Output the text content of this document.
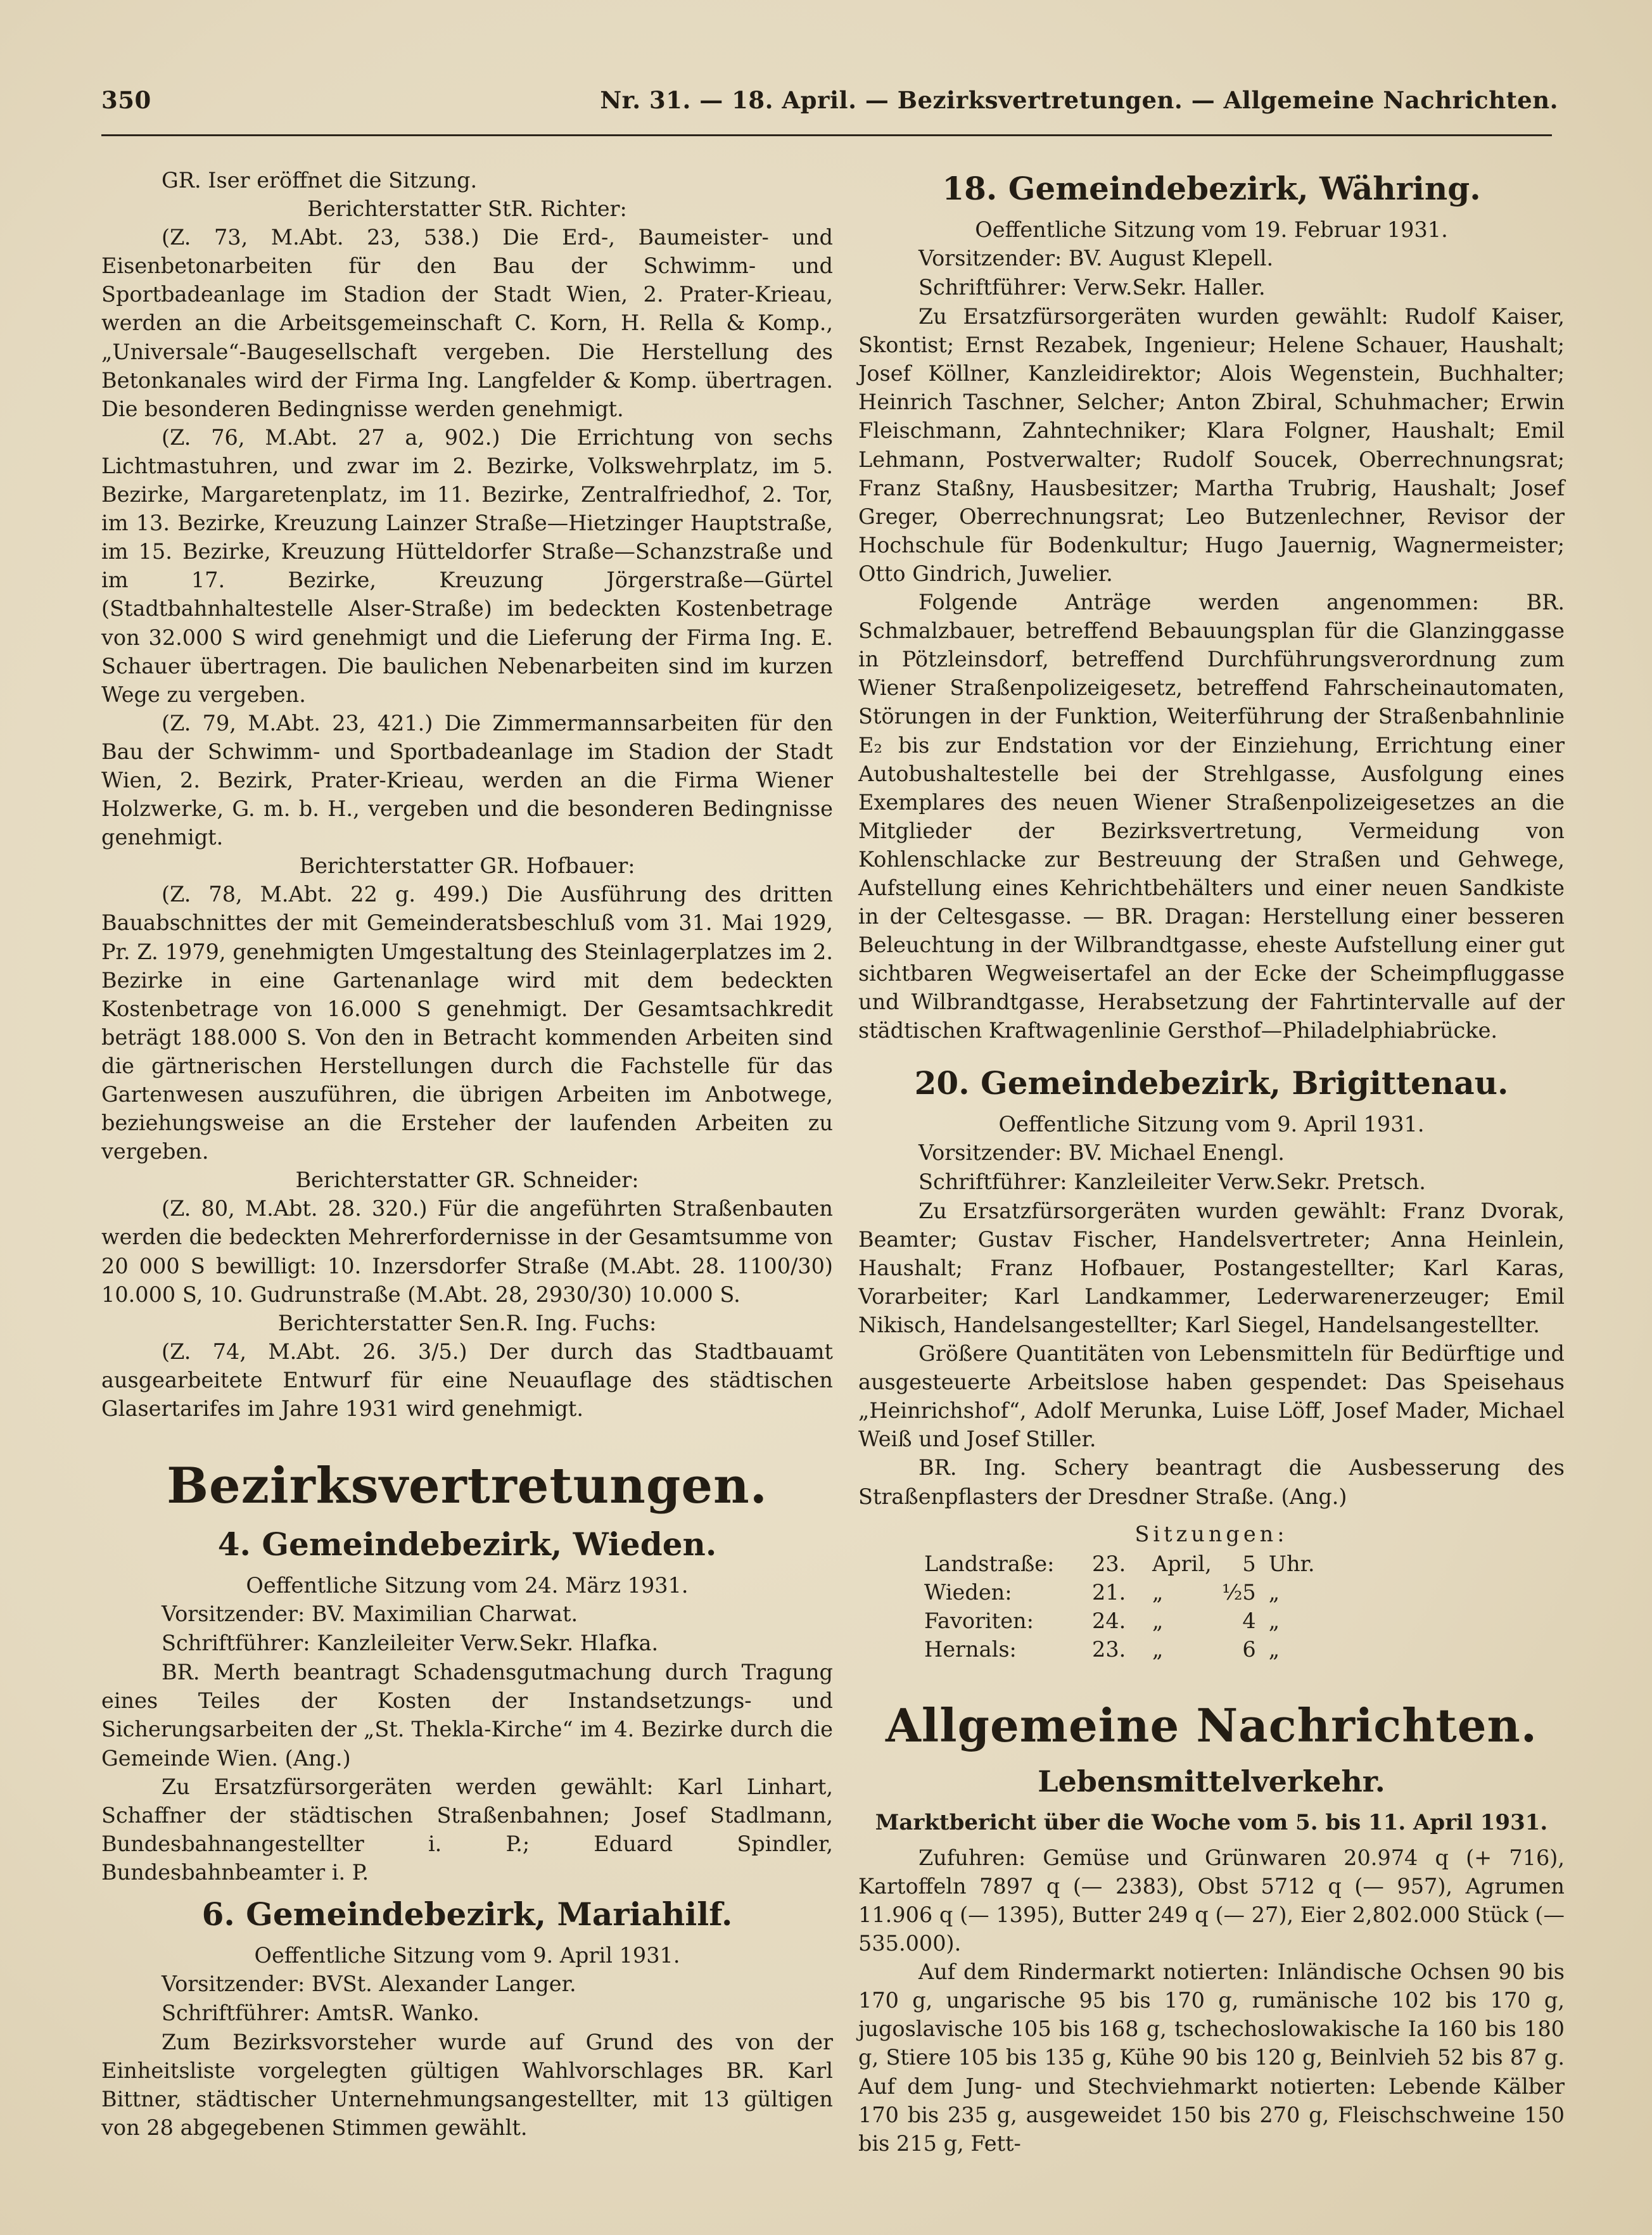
350	Nr. 31. — 18. April. — Bezirksvertretungen. — Allgemeine Nachrichten.

GR. Iser eröffnet die Sitzung.

Berichterstatter StR. Richter:

(Z. 73, M.Abt. 23, 538.) Die Erd-, Baumeister- und Eisenbetonarbeiten für den Bau der Schwimm- und Sportbadeanlage im Stadion der Stadt Wien, 2. Prater-Krieau, werden an die Arbeitsgemeinschaft C. Korn, H. Rella & Komp., „Universale“-Baugesellschaft vergeben. Die Herstellung des Betonkanales wird der Firma Ing. Langfelder & Komp. übertragen. Die besonderen Bedingnisse werden genehmigt.

(Z. 76, M.Abt. 27 a, 902.) Die Errichtung von sechs Lichtmastuhren, und zwar im 2. Bezirke, Volkswehrplatz, im 5. Bezirke, Margaretenplatz, im 11. Bezirke, Zentralfriedhof, 2. Tor, im 13. Bezirke, Kreuzung Lainzer Straße—Hietzinger Hauptstraße, im 15. Bezirke, Kreuzung Hütteldorfer Straße—Schanzstraße und im 17. Bezirke, Kreuzung Jörgerstraße—Gürtel (Stadtbahnhaltestelle Alser-Straße) im bedeckten Kostenbetrage von 32.000 S wird genehmigt und die Lieferung der Firma Ing. E. Schauer übertragen. Die baulichen Nebenarbeiten sind im kurzen Wege zu vergeben.

(Z. 79, M.Abt. 23, 421.) Die Zimmermannsarbeiten für den Bau der Schwimm- und Sportbadeanlage im Stadion der Stadt Wien, 2. Bezirk, Prater-Krieau, werden an die Firma Wiener Holzwerke, G. m. b. H., vergeben und die besonderen Bedingnisse genehmigt.

Berichterstatter GR. Hofbauer:

(Z. 78, M.Abt. 22 g. 499.) Die Ausführung des dritten Bauabschnittes der mit Gemeinderatsbeschluß vom 31. Mai 1929, Pr. Z. 1979, genehmigten Umgestaltung des Steinlagerplatzes im 2. Bezirke in eine Gartenanlage wird mit dem bedeckten Kostenbetrage von 16.000 S genehmigt. Der Gesamtsachkredit beträgt 188.000 S. Von den in Betracht kommenden Arbeiten sind die gärtnerischen Herstellungen durch die Fachstelle für das Gartenwesen auszuführen, die übrigen Arbeiten im Anbotwege, beziehungsweise an die Ersteher der laufenden Arbeiten zu vergeben.

Berichterstatter GR. Schneider:

(Z. 80, M.Abt. 28. 320.) Für die angeführten Straßenbauten werden die bedeckten Mehrerfordernisse in der Gesamtsumme von 20 000 S bewilligt: 10. Inzersdorfer Straße (M.Abt. 28. 1100/30) 10.000 S, 10. Gudrunstraße (M.Abt. 28, 2930/30) 10.000 S.

Berichterstatter Sen.R. Ing. Fuchs:

(Z. 74, M.Abt. 26. 3/5.) Der durch das Stadtbauamt ausgearbeitete Entwurf für eine Neuauflage des städtischen Glasertarifes im Jahre 1931 wird genehmigt.

Bezirksvertretungen.
4. Gemeindebezirk, Wieden.

Oeffentliche Sitzung vom 24. März 1931.

Vorsitzender: BV. Maximilian Charwat.

Schriftführer: Kanzleileiter Verw.Sekr. Hlafka.

BR. Merth beantragt Schadensgutmachung durch Tragung eines Teiles der Kosten der Instandsetzungs- und Sicherungsarbeiten der „St. Thekla-Kirche“ im 4. Bezirke durch die Gemeinde Wien. (Ang.)

Zu Ersatzfürsorgeräten werden gewählt: Karl Linhart, Schaffner der städtischen Straßenbahnen; Josef Stadlmann, Bundesbahnangestellter i. P.; Eduard Spindler, Bundesbahnbeamter i. P.

6. Gemeindebezirk, Mariahilf.

Oeffentliche Sitzung vom 9. April 1931.

Vorsitzender: BVSt. Alexander Langer.

Schriftführer: AmtsR. Wanko.

Zum Bezirksvorsteher wurde auf Grund des von der Einheitsliste vorgelegten gültigen Wahlvorschlages BR. Karl Bittner, städtischer Unternehmungsangestellter, mit 13 gültigen von 28 abgegebenen Stimmen gewählt.

18. Gemeindebezirk, Währing.

Oeffentliche Sitzung vom 19. Februar 1931.

Vorsitzender: BV. August Klepell.

Schriftführer: Verw.Sekr. Haller.

Zu Ersatzfürsorgeräten wurden gewählt: Rudolf Kaiser, Skontist; Ernst Rezabek, Ingenieur; Helene Schauer, Haushalt; Josef Köllner, Kanzleidirektor; Alois Wegenstein, Buchhalter; Heinrich Taschner, Selcher; Anton Zbiral, Schuhmacher; Erwin Fleischmann, Zahntechniker; Klara Folgner, Haushalt; Emil Lehmann, Postverwalter; Rudolf Soucek, Oberrechnungsrat; Franz Staßny, Hausbesitzer; Martha Trubrig, Haushalt; Josef Greger, Oberrechnungsrat; Leo Butzenlechner, Revisor der Hochschule für Bodenkultur; Hugo Jauernig, Wagnermeister; Otto Gindrich, Juwelier.

Folgende Anträge werden angenommen: BR. Schmalzbauer, betreffend Bebauungsplan für die Glanzinggasse in Pötzleinsdorf, betreffend Durchführungsverordnung zum Wiener Straßenpolizeigesetz, betreffend Fahrscheinautomaten, Störungen in der Funktion, Weiterführung der Straßenbahnlinie E₂ bis zur Endstation vor der Einziehung, Errichtung einer Autobushaltestelle bei der Strehlgasse, Ausfolgung eines Exemplares des neuen Wiener Straßenpolizeigesetzes an die Mitglieder der Bezirksvertretung, Vermeidung von Kohlenschlacke zur Bestreuung der Straßen und Gehwege, Aufstellung eines Kehrichtbehälters und einer neuen Sandkiste in der Celtesgasse. — BR. Dragan: Herstellung einer besseren Beleuchtung in der Wilbrandtgasse, eheste Aufstellung einer gut sichtbaren Wegweisertafel an der Ecke der Scheimpfluggasse und Wilbrandtgasse, Herabsetzung der Fahrtintervalle auf der städtischen Kraftwagenlinie Gersthof—Philadelphiabrücke.

20. Gemeindebezirk, Brigittenau.

Oeffentliche Sitzung vom 9. April 1931.

Vorsitzender: BV. Michael Enengl.

Schriftführer: Kanzleileiter Verw.Sekr. Pretsch.

Zu Ersatzfürsorgeräten wurden gewählt: Franz Dvorak, Beamter; Gustav Fischer, Handelsvertreter; Anna Heinlein, Haushalt; Franz Hofbauer, Postangestellter; Karl Karas, Vorarbeiter; Karl Landkammer, Lederwarenerzeuger; Emil Nikisch, Handelsangestellter; Karl Siegel, Handelsangestellter.

Größere Quantitäten von Lebensmitteln für Bedürftige und ausgesteuerte Arbeitslose haben gespendet: Das Speisehaus „Heinrichshof“, Adolf Merunka, Luise Löff, Josef Mader, Michael Weiß und Josef Stiller.

BR. Ing. Schery beantragt die Ausbesserung des Straßenpflasters der Dresdner Straße. (Ang.)

Sitzungen:

Landstraße:	23.	April,	5	Uhr.
Wieden:	21.	„	½5	„
Favoriten:	24.	„	4	„
Hernals:	23.	„	6	„
Allgemeine Nachrichten.
Lebensmittelverkehr.
Marktbericht über die Woche vom 5. bis 11. April 1931.

Zufuhren: Gemüse und Grünwaren 20.974 q (+ 716), Kartoffeln 7897 q (— 2383), Obst 5712 q (— 957), Agrumen 11.906 q (— 1395), Butter 249 q (— 27), Eier 2,802.000 Stück (— 535.000).

Auf dem Rindermarkt notierten: Inländische Ochsen 90 bis 170 g, ungarische 95 bis 170 g, rumänische 102 bis 170 g, jugoslavische 105 bis 168 g, tschechoslowakische Ia 160 bis 180 g, Stiere 105 bis 135 g, Kühe 90 bis 120 g, Beinlvieh 52 bis 87 g. Auf dem Jung- und Stechviehmarkt notierten: Lebende Kälber 170 bis 235 g, ausgeweidet 150 bis 270 g, Fleischschweine 150 bis 215 g, Fett-
